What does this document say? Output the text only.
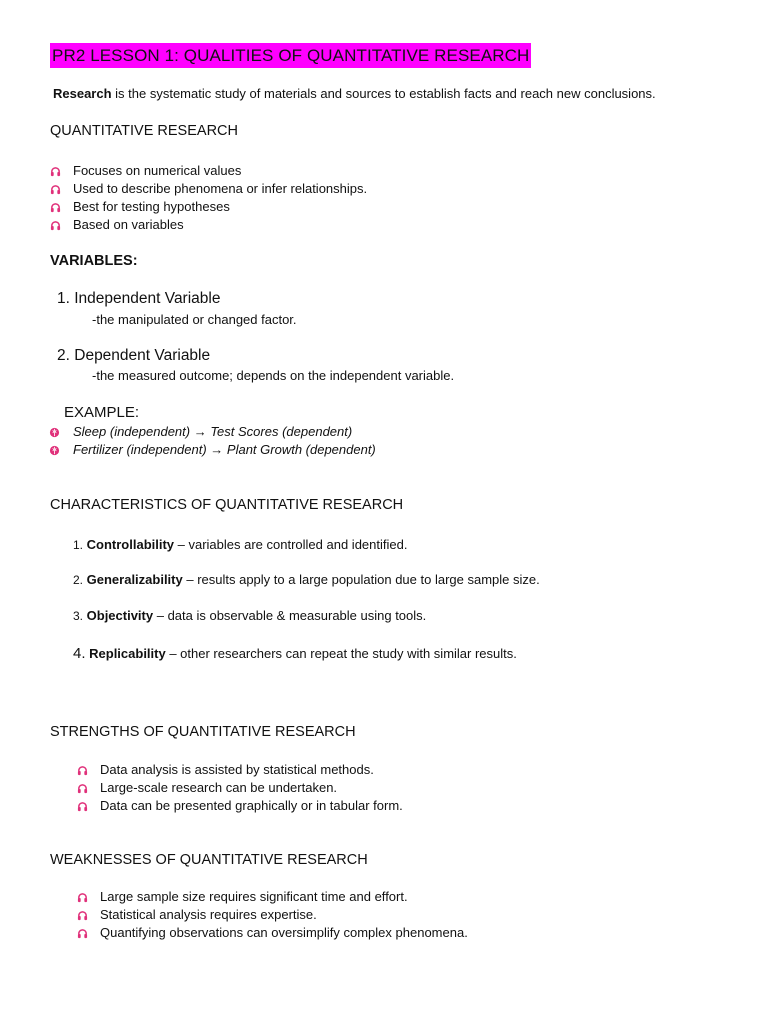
PR2 LESSON 1: QUALITIES OF QUANTITATIVE RESEARCH
Research is the systematic study of materials and sources to establish facts and reach new conclusions.
QUANTITATIVE RESEARCH
Focuses on numerical values
Used to describe phenomena or infer relationships.
Best for testing hypotheses
Based on variables
VARIABLES:
1. Independent Variable
-the manipulated or changed factor.
2. Dependent Variable
-the measured outcome; depends on the independent variable.
EXAMPLE:
Sleep (independent) → Test Scores (dependent)
Fertilizer (independent) → Plant Growth (dependent)
CHARACTERISTICS OF QUANTITATIVE RESEARCH
1. Controllability – variables are controlled and identified.
2. Generalizability – results apply to a large population due to large sample size.
3. Objectivity – data is observable & measurable using tools.
4. Replicability – other researchers can repeat the study with similar results.
STRENGTHS OF QUANTITATIVE RESEARCH
Data analysis is assisted by statistical methods.
Large-scale research can be undertaken.
Data can be presented graphically or in tabular form.
WEAKNESSES OF QUANTITATIVE RESEARCH
Large sample size requires significant time and effort.
Statistical analysis requires expertise.
Quantifying observations can oversimplify complex phenomena.
